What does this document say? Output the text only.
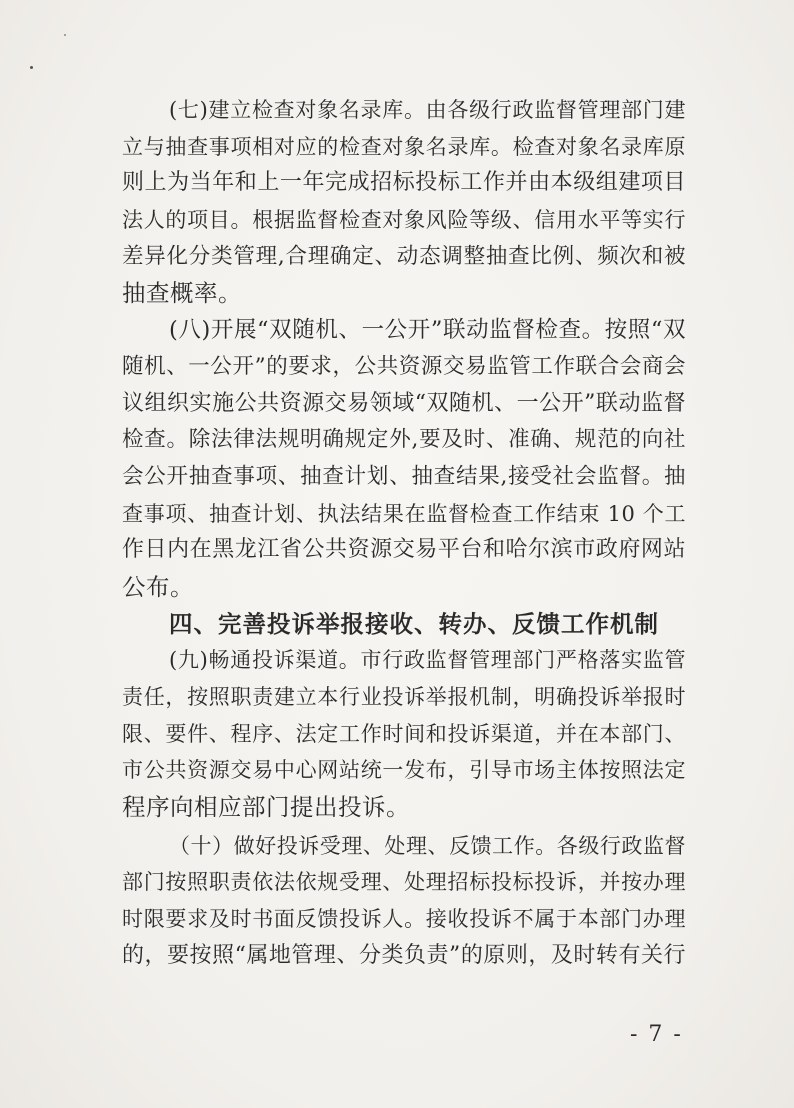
(七)建立检查对象名录库。由各级行政监督管理部门建
立与抽查事项相对应的检查对象名录库。检查对象名录库原
则上为当年和上一年完成招标投标工作并由本级组建项目
法人的项目。根据监督检查对象风险等级、信用水平等实行
差异化分类管理,合理确定、动态调整抽查比例、频次和被
抽查概率。
(八)开展“双随机、一公开”联动监督检查。按照“双
随机、一公开”的要求，公共资源交易监管工作联合会商会
议组织实施公共资源交易领域“双随机、一公开”联动监督
检查。除法律法规明确规定外,要及时、准确、规范的向社
会公开抽查事项、抽查计划、抽查结果,接受社会监督。抽
查事项、抽查计划、执法结果在监督检查工作结束 10 个工
作日内在黑龙江省公共资源交易平台和哈尔滨市政府网站
公布。
四、完善投诉举报接收、转办、反馈工作机制
(九)畅通投诉渠道。市行政监督管理部门严格落实监管
责任，按照职责建立本行业投诉举报机制，明确投诉举报时
限、要件、程序、法定工作时间和投诉渠道，并在本部门、
市公共资源交易中心网站统一发布，引导市场主体按照法定
程序向相应部门提出投诉。
（十）做好投诉受理、处理、反馈工作。各级行政监督
部门按照职责依法依规受理、处理招标投标投诉，并按办理
时限要求及时书面反馈投诉人。接收投诉不属于本部门办理
的，要按照“属地管理、分类负责”的原则，及时转有关行
- 7 -
